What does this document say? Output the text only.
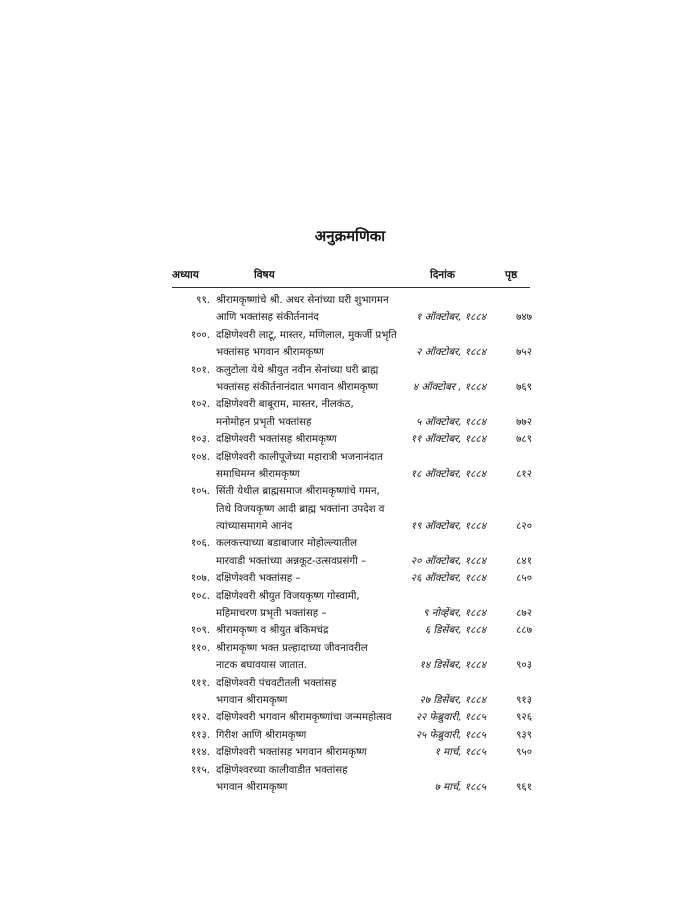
अनुक्रमणिका
अध्याय	विषय	दिनांक	पृष्ठ
९९. श्रीरामकृष्णांचे श्री. अधर सेनांच्या घरी शुभागमन
आणि भक्तांसह संकीर्तनानंद	१ ऑक्टोबर, १८८४	७४७
१००. दक्षिणेश्वरी लाटू, मास्तर, मणिलाल, मुकर्जी प्रभृति
भक्तांसह भगवान श्रीरामकृष्ण	२ ऑक्टोबर, १८८४	७५२
१०१. कलुटोला येथे श्रीयुत नवीन सेनांच्या घरी ब्राह्म
भक्तांसह संकीर्तनानंदात भगवान श्रीरामकृष्ण	४ ऑक्टोबर , १८८४	७६९
१०२. दक्षिणेश्वरी बाबूराम, मास्तर, नीलकंठ,
मनोमोहन प्रभृती भक्तांसह	५ ऑक्टोबर, १८८४	७७२
१०३. दक्षिणेश्वरी भक्तांसह श्रीरामकृष्ण	११ ऑक्टोबर, १८८४	७८९
१०४. दक्षिणेश्वरी कालीपूजेच्या महारात्री भजनानंदात
समाधिमग्न श्रीरामकृष्ण	१८ ऑक्टोबर, १८८४	८१२
१०५. सिंती येथील ब्राह्मसमाज श्रीरामकृष्णांचे गमन,
तिथे विजयकृष्ण आदी ब्राह्म भक्तांना उपदेश व
त्यांच्यासमागमे आनंद	१९ ऑक्टोबर, १८८४	८२०
१०६. कलकत्त्याच्या बडाबाजार मोहोल्ल्यातील
मारवाडी भक्तांच्या अन्नकूट-उत्सवप्रसंगी –	२० ऑक्टोबर, १८८४	८४१
१०७. दक्षिणेश्वरी भक्तांसह –	२६ ऑक्टोबर, १८८४	८५०
१०८. दक्षिणेश्वरी श्रीयुत विजयकृष्ण गोस्वामी,
महिमाचरण प्रभृती भक्तांसह –	९ नोव्हेंबर, १८८४	८७२
१०९. श्रीरामकृष्ण व श्रीयुत बंकिमचंद्र	६ डिसेंबर, १८८४	८८७
११०. श्रीरामकृष्ण भक्त प्रल्हादाच्या जीवनावरील
नाटक बघावयास जातात.	१४ डिसेंबर, १८८४	९०३
१११. दक्षिणेश्वरी पंचवटीतली भक्तांसह
भगवान श्रीरामकृष्ण	२७ डिसेंबर, १८८४	९१३
११२. दक्षिणेश्वरी भगवान श्रीरामकृष्णांचा जन्ममहोत्सव २२ फेब्रुवारी, १८८५	९२६
११३. गिरीश आणि श्रीरामकृष्ण	२५ फेब्रुवारी, १८८५	९३९
११४. दक्षिणेश्वरी भक्तांसह भगवान श्रीरामकृष्ण	१ मार्च, १८८५	९५०
११५. दक्षिणेश्वरच्या कालीवाडीत भक्तांसह
भगवान श्रीरामकृष्ण	७ मार्च, १८८५	९६१
